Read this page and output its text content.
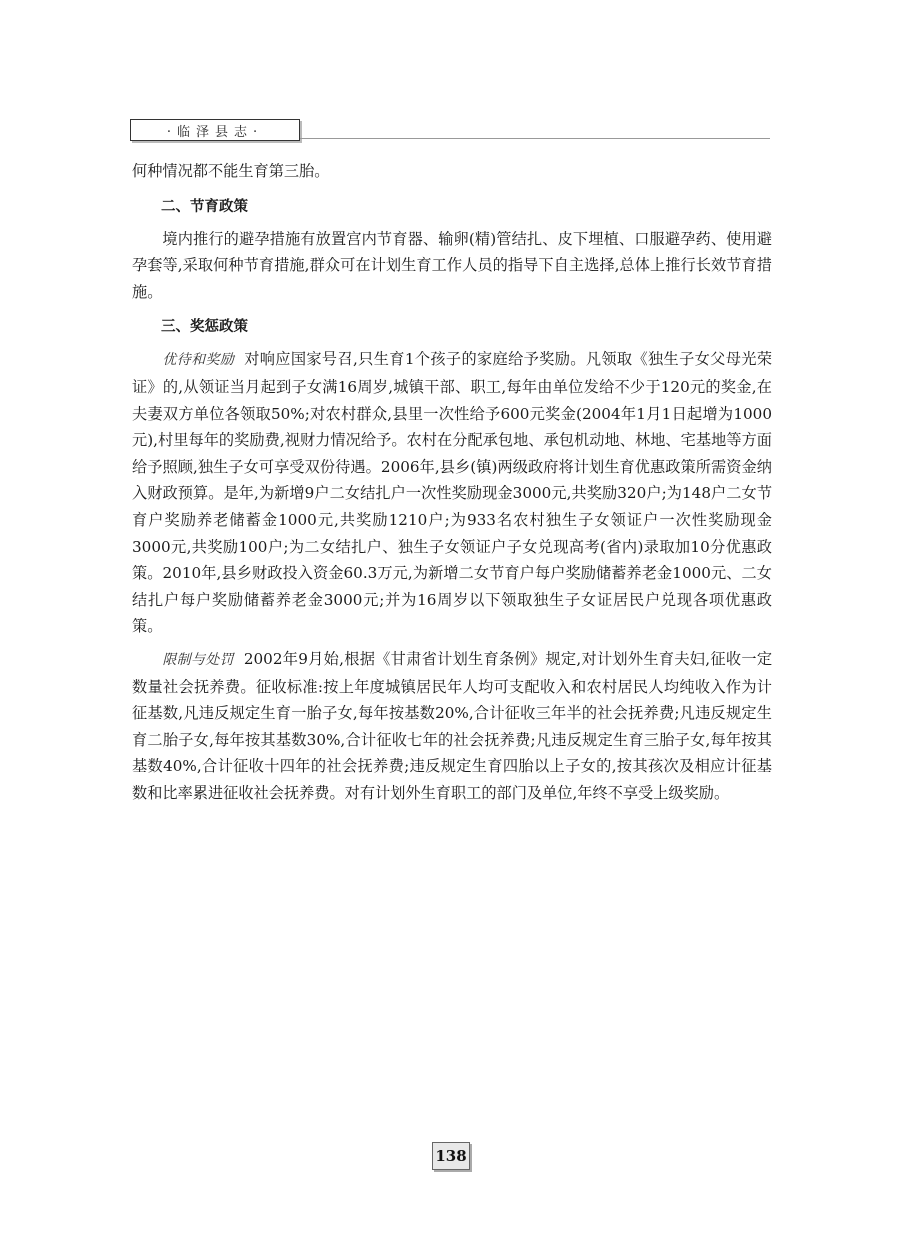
·临泽县志·

何种情况都不能生育第三胎。

二、节育政策

境内推行的避孕措施有放置宫内节育器、输卵(精)管结扎、皮下埋植、口服避孕药、使用避孕套等,采取何种节育措施,群众可在计划生育工作人员的指导下自主选择,总体上推行长效节育措施。

三、奖惩政策

优待和奖励 对响应国家号召,只生育1个孩子的家庭给予奖励。凡领取《独生子女父母光荣证》的,从领证当月起到子女满16周岁,城镇干部、职工,每年由单位发给不少于120元的奖金,在夫妻双方单位各领取50%;对农村群众,县里一次性给予600元奖金(2004年1月1日起增为1000元),村里每年的奖励费,视财力情况给予。农村在分配承包地、承包机动地、林地、宅基地等方面给予照顾,独生子女可享受双份待遇。2006年,县乡(镇)两级政府将计划生育优惠政策所需资金纳入财政预算。是年,为新增9户二女结扎户一次性奖励现金3000元,共奖励320户;为148户二女节育户奖励养老储蓄金1000元,共奖励1210户;为933名农村独生子女领证户一次性奖励现金3000元,共奖励100户;为二女结扎户、独生子女领证户子女兑现高考(省内)录取加10分优惠政策。2010年,县乡财政投入资金60.3万元,为新增二女节育户每户奖励储蓄养老金1000元、二女结扎户每户奖励储蓄养老金3000元;并为16周岁以下领取独生子女证居民户兑现各项优惠政策。

限制与处罚 2002年9月始,根据《甘肃省计划生育条例》规定,对计划外生育夫妇,征收一定数量社会抚养费。征收标准:按上年度城镇居民年人均可支配收入和农村居民人均纯收入作为计征基数,凡违反规定生育一胎子女,每年按基数20%,合计征收三年半的社会抚养费;凡违反规定生育二胎子女,每年按其基数30%,合计征收七年的社会抚养费;凡违反规定生育三胎子女,每年按其基数40%,合计征收十四年的社会抚养费;违反规定生育四胎以上子女的,按其孩次及相应计征基数和比率累进征收社会抚养费。对有计划外生育职工的部门及单位,年终不享受上级奖励。

138
